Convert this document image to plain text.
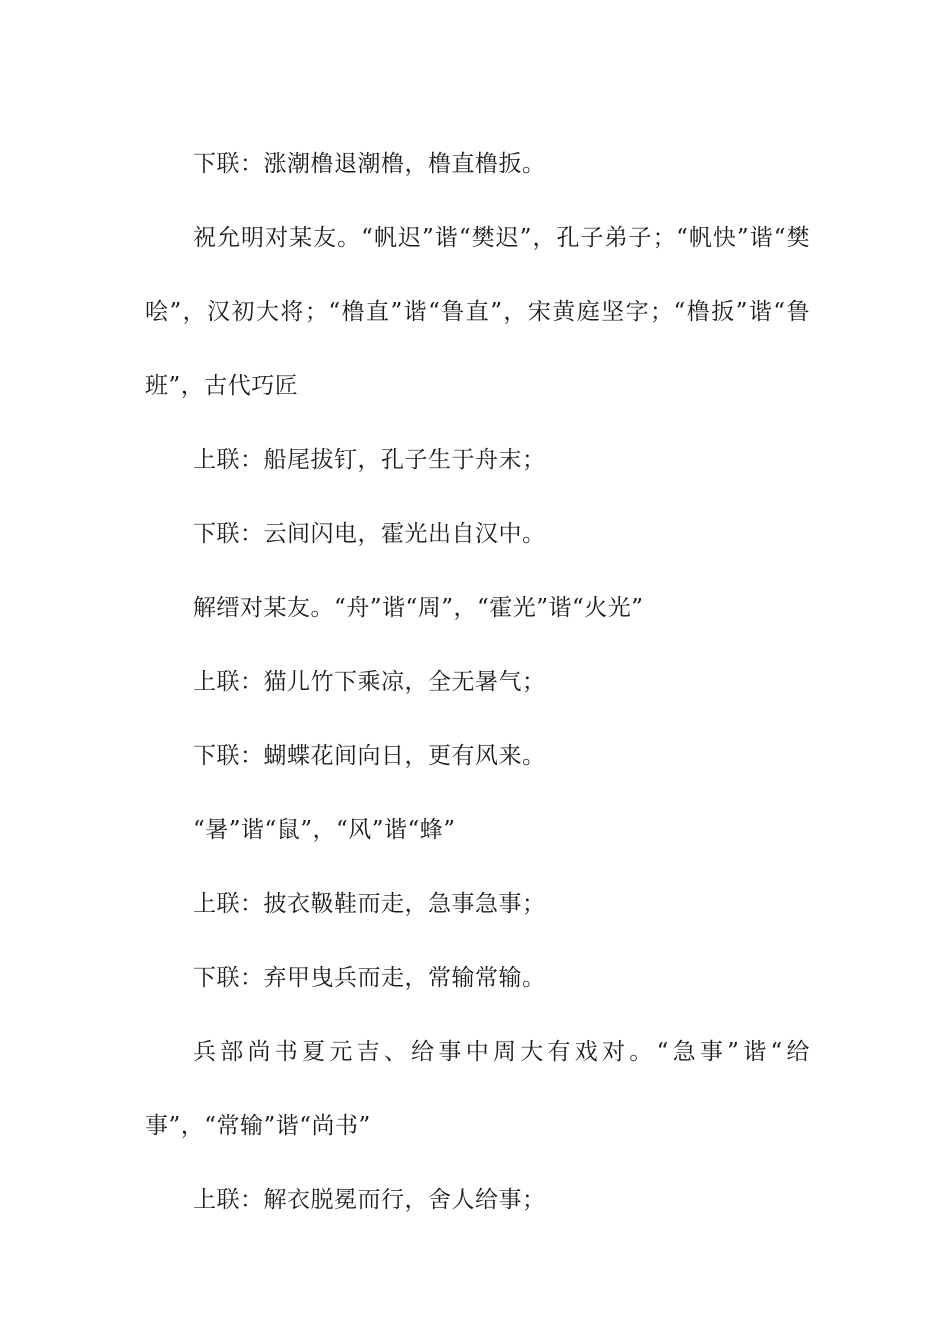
下联：涨潮橹退潮橹，橹直橹扳。

祝允明对某友。“帆迟”谐“樊迟”，孔子弟子；“帆快”谐“樊哙”，汉初大将；“橹直”谐“鲁直”，宋黄庭坚字；“橹扳”谐“鲁班”，古代巧匠

上联：船尾拔钉，孔子生于舟末；

下联：云间闪电，霍光出自汉中。

解缙对某友。“舟”谐“周”，“霍光”谐“火光”

上联：猫儿竹下乘凉，全无暑气；

下联：蝴蝶花间向日，更有风来。

“暑”谐“鼠”，“风”谐“蜂”

上联：披衣靸鞋而走，急事急事；

下联：弃甲曳兵而走，常输常输。

兵部尚书夏元吉、给事中周大有戏对。“急事”谐“给事”，“常输”谐“尚书”

上联：解衣脱冕而行，舍人给事；
